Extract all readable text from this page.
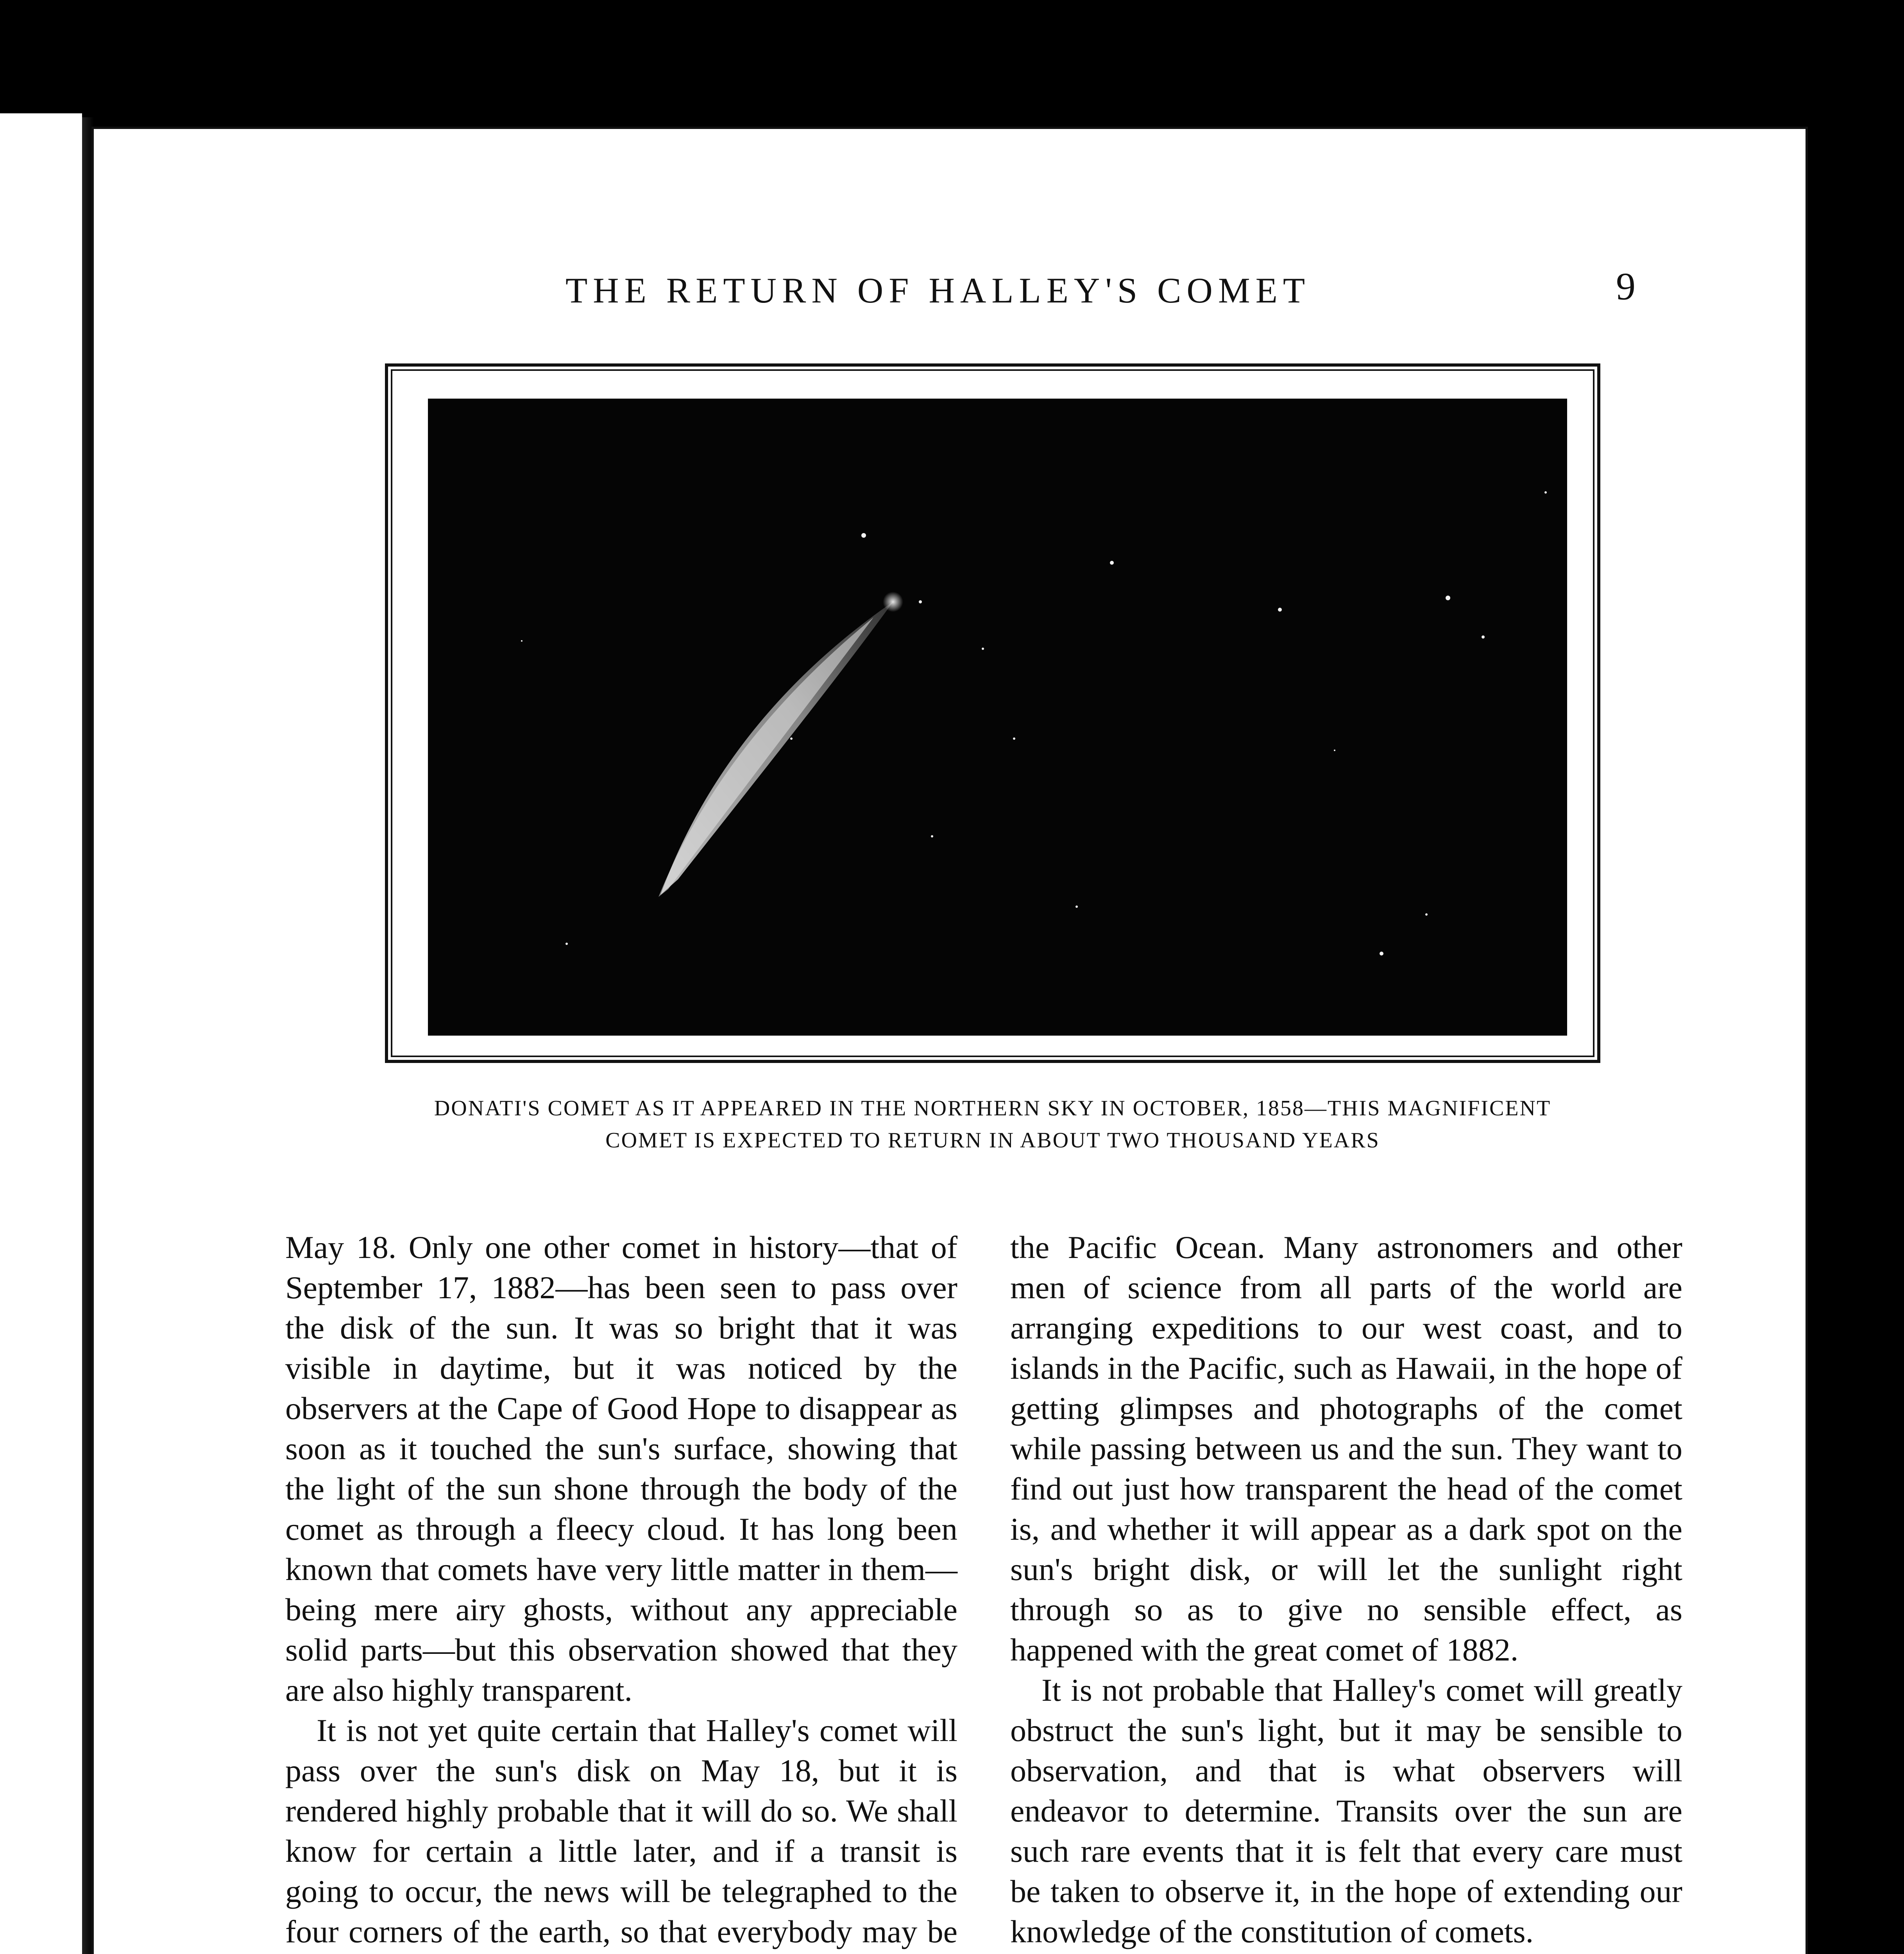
THE RETURN OF HALLEY'S COMET	9
DONATI'S COMET AS IT APPEARED IN THE NORTHERN SKY IN OCTOBER, 1858—THIS MAGNIFICENT COMET IS EXPECTED TO RETURN IN ABOUT TWO THOUSAND YEARS

May 18. Only one other comet in history—that of September 17, 1882—has been seen to pass over the disk of the sun. It was so bright that it was visible in daytime, but it was noticed by the observers at the Cape of Good Hope to disappear as soon as it touched the sun's surface, showing that the light of the sun shone through the body of the comet as through a fleecy cloud. It has long been known that comets have very little matter in them—being mere airy ghosts, without any appreciable solid parts—but this observation showed that they are also highly transparent.

It is not yet quite certain that Halley's comet will pass over the sun's disk on May 18, but it is rendered highly probable that it will do so. We shall know for certain a little later, and if a transit is going to occur, the news will be telegraphed to the four corners of the earth, so that everybody may be

the Pacific Ocean. Many astronomers and other men of science from all parts of the world are arranging expeditions to our west coast, and to islands in the Pacific, such as Hawaii, in the hope of getting glimpses and photographs of the comet while passing between us and the sun. They want to find out just how transparent the head of the comet is, and whether it will appear as a dark spot on the sun's bright disk, or will let the sunlight right through so as to give no sensible effect, as happened with the great comet of 1882.

It is not probable that Halley's comet will greatly obstruct the sun's light, but it may be sensible to observation, and that is what observers will endeavor to determine. Transits over the sun are such rare events that it is felt that every care must be taken to observe it, in the hope of extending our knowledge of the constitution of comets.
